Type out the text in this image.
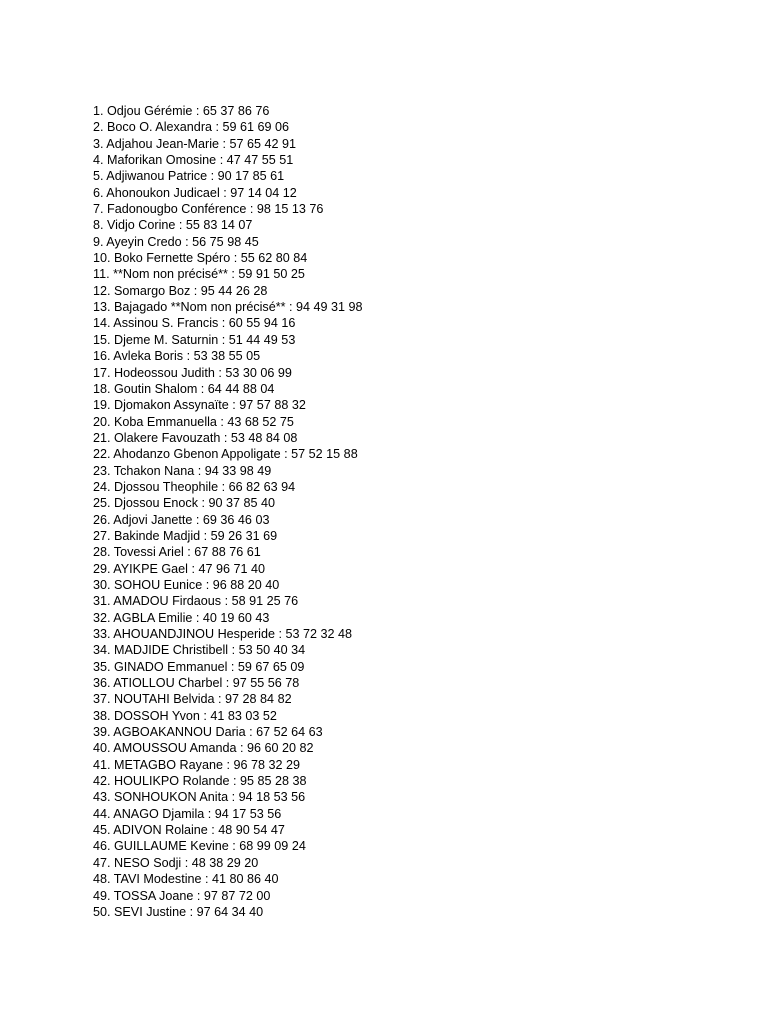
1. Odjou Gérémie : 65 37 86 76
2. Boco O. Alexandra : 59 61 69 06
3. Adjahou Jean-Marie : 57 65 42 91
4. Maforikan Omosine : 47 47 55 51
5. Adjiwanou Patrice : 90 17 85 61
6. Ahonoukon Judicael : 97 14 04 12
7. Fadonougbo Conférence : 98 15 13 76
8. Vidjo Corine : 55 83 14 07
9. Ayeyin Credo : 56 75 98 45
10. Boko Fernette Spéro : 55 62 80 84
11. **Nom non précisé** : 59 91 50 25
12. Somargo Boz : 95 44 26 28
13. Bajagado **Nom non précisé** : 94 49 31 98
14. Assinou S. Francis : 60 55 94 16
15. Djeme M. Saturnin : 51 44 49 53
16. Avleka Boris : 53 38 55 05
17. Hodeossou Judith : 53 30 06 99
18. Goutin Shalom : 64 44 88 04
19. Djomakon Assynaïte : 97 57 88 32
20. Koba Emmanuella : 43 68 52 75
21. Olakere Favouzath : 53 48 84 08
22. Ahodanzo Gbenon Appoligate : 57 52 15 88
23. Tchakon Nana : 94 33 98 49
24. Djossou Theophile : 66 82 63 94
25. Djossou Enock : 90 37 85 40
26. Adjovi Janette : 69 36 46 03
27. Bakinde Madjid : 59 26 31 69
28. Tovessi Ariel : 67 88 76 61
29. AYIKPE Gael : 47 96 71 40
30. SOHOU Eunice : 96 88 20 40
31. AMADOU Firdaous : 58 91 25 76
32. AGBLA Emilie : 40 19 60 43
33. AHOUANDJINOU Hesperide : 53 72 32 48
34. MADJIDE Christibell : 53 50 40 34
35. GINADO Emmanuel : 59 67 65 09
36. ATIOLLOU Charbel : 97 55 56 78
37. NOUTAHI Belvida : 97 28 84 82
38. DOSSOH Yvon : 41 83 03 52
39. AGBOAKANNOU Daria : 67 52 64 63
40. AMOUSSOU Amanda : 96 60 20 82
41. METAGBO Rayane : 96 78 32 29
42. HOULIKPO Rolande : 95 85 28 38
43. SONHOUKON Anita : 94 18 53 56
44. ANAGO Djamila : 94 17 53 56
45. ADIVON Rolaine : 48 90 54 47
46. GUILLAUME Kevine : 68 99 09 24
47. NESO Sodji : 48 38 29 20
48. TAVI Modestine : 41 80 86 40
49. TOSSA Joane : 97 87 72 00
50. SEVI Justine : 97 64 34 40
